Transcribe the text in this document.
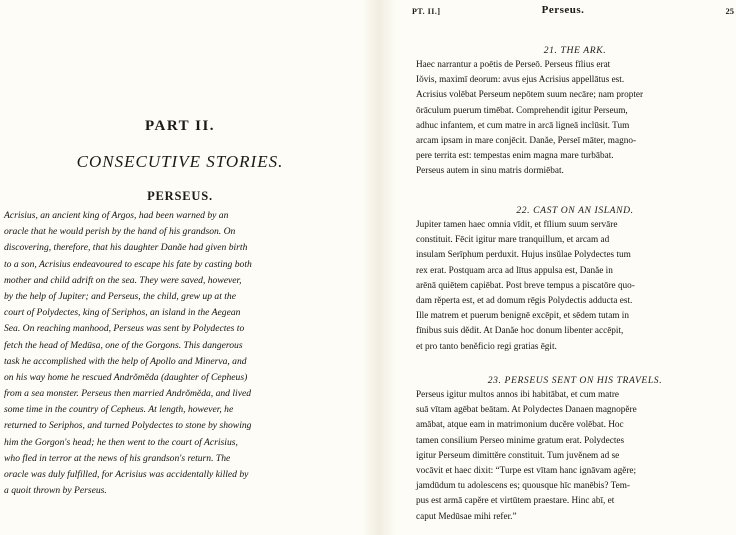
PART II.
CONSECUTIVE STORIES.
PERSEUS.
Acrisius, an ancient king of Argos, had been warned by an
oracle that he would perish by the hand of his grandson. On
discovering, therefore, that his daughter Danăe had given birth
to a son, Acrisius endeavoured to escape his fate by casting both
mother and child adrift on the sea. They were saved, however,
by the help of Jupiter; and Perseus, the child, grew up at the
court of Polydectes, king of Seriphos, an island in the Aegean
Sea. On reaching manhood, Perseus was sent by Polydectes to
fetch the head of Medūsa, one of the Gorgons. This dangerous
task he accomplished with the help of Apollo and Minerva, and
on his way home he rescued Andrŏmĕda (daughter of Cepheus)
from a sea monster. Perseus then married Andrŏmĕda, and lived
some time in the country of Cepheus. At length, however, he
returned to Seriphos, and turned Polydectes to stone by showing
him the Gorgon's head; he then went to the court of Acrisius,
who fled in terror at the news of his grandson's return. The
oracle was duly fulfilled, for Acrisius was accidentally killed by
a quoit thrown by Perseus.
PT. II.]	Perseus.	25
21. THE ARK.
Haec narrantur a poētis de Perseō. Perseus fīlius erat
Iŏvis, maximī deorum: avus ejus Acrisius appellātus est.
Acrisius volēbat Perseum nepōtem suum necāre; nam propter
ōrāculum puerum timēbat. Comprehendit igitur Perseum,
adhuc infantem, et cum matre in arcā ligneā inclūsit. Tum
arcam ipsam in mare conjēcit. Danăe, Perseī māter, magno-
pere territa est: tempestas enim magna mare turbābat.
Perseus autem in sinu matris dormiēbat.
22. CAST ON AN ISLAND.
Jupiter tamen haec omnia vīdit, et fīlium suum servāre
constituit. Fēcit igitur mare tranquillum, et arcam ad
insulam Serīphum perduxit. Hujus insŭlae Polydectes tum
rex erat. Postquam arca ad lītus appulsa est, Danăe in
arēnā quiētem capiēbat. Post breve tempus a piscatōre quo-
dam rĕperta est, et ad domum rēgis Polydectis adducta est.
Ille matrem et puerum benignē excēpit, et sēdem tutam in
fīnibus suis dĕdit. At Danăe hoc donum libenter accēpit,
et pro tanto benĕficio regi gratias ēgit.
23. PERSEUS SENT ON HIS TRAVELS.
Perseus igitur multos annos ibi habitābat, et cum matre
suā vītam agēbat beātam. At Polydectes Danaen magnopĕre
amābat, atque eam in matrimonium ducĕre volēbat. Hoc
tamen consilium Perseo minime gratum erat. Polydectes
igitur Perseum dimittĕre constituit. Tum juvĕnem ad se
vocāvit et haec dixit: “Turpe est vītam hanc ignāvam agĕre;
jamdūdum tu adolescens es; quousque hīc manēbis? Tem-
pus est armā capĕre et virtūtem praestare. Hinc abī, et
caput Medūsae mihi refer.”
